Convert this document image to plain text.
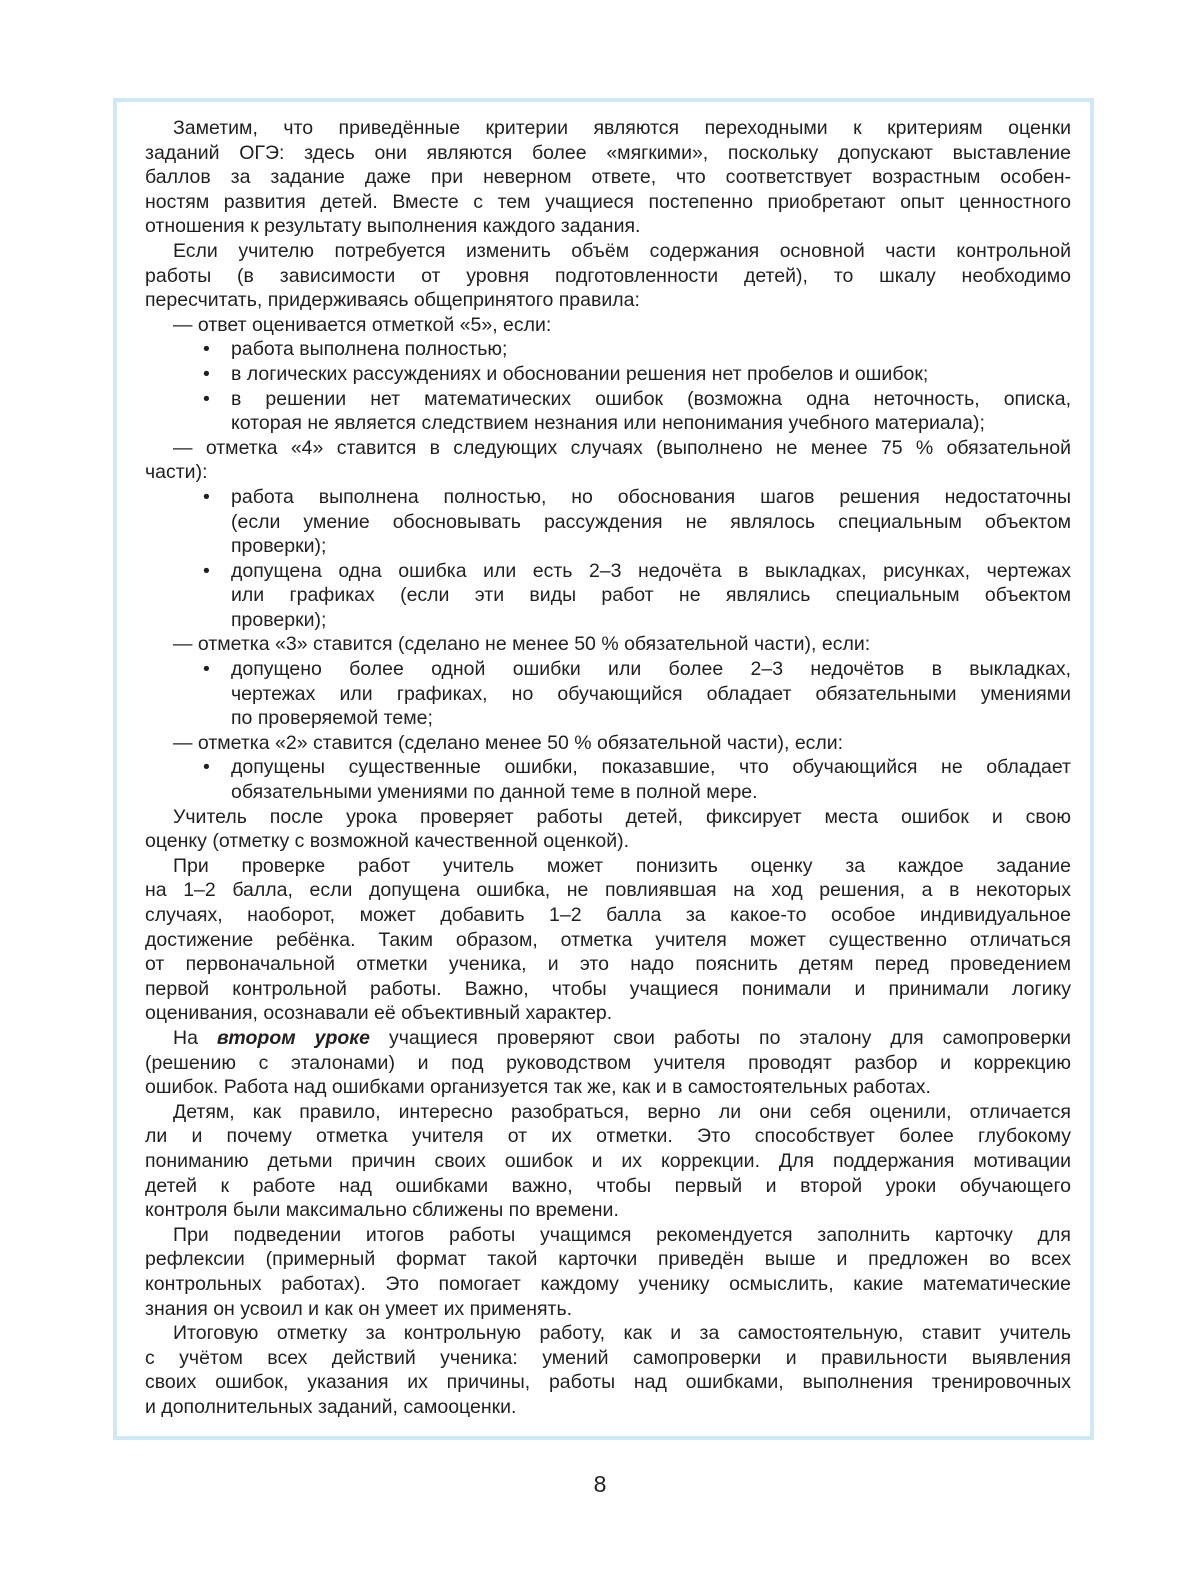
Заметим, что приведённые критерии являются переходными к критериям оценки

заданий ОГЭ: здесь они являются более «мягкими», поскольку допускают выставление

баллов за задание даже при неверном ответе, что соответствует возрастным особен-

ностям развития детей. Вместе с тем учащиеся постепенно приобретают опыт ценностного

отношения к результату выполнения каждого задания.

Если учителю потребуется изменить объём содержания основной части контрольной

работы (в зависимости от уровня подготовленности детей), то шкалу необходимо

пересчитать, придерживаясь общепринятого правила:

— ответ оценивается отметкой «5», если:

• работа выполнена полностью;

• в логических рассуждениях и обосновании решения нет пробелов и ошибок;

• в решении нет математических ошибок (возможна одна неточность, описка,

которая не является следствием незнания или непонимания учебного материала);

— отметка «4» ставится в следующих случаях (выполнено не менее 75 % обязательной

части):

• работа выполнена полностью, но обоснования шагов решения недостаточны

(если умение обосновывать рассуждения не являлось специальным объектом

проверки);

• допущена одна ошибка или есть 2–3 недочёта в выкладках, рисунках, чертежах

или графиках (если эти виды работ не являлись специальным объектом

проверки);

— отметка «3» ставится (сделано не менее 50 % обязательной части), если:

• допущено более одной ошибки или более 2–3 недочётов в выкладках,

чертежах или графиках, но обучающийся обладает обязательными умениями

по проверяемой теме;

— отметка «2» ставится (сделано менее 50 % обязательной части), если:

• допущены существенные ошибки, показавшие, что обучающийся не обладает

обязательными умениями по данной теме в полной мере.

Учитель после урока проверяет работы детей, фиксирует места ошибок и свою

оценку (отметку с возможной качественной оценкой).

При проверке работ учитель может понизить оценку за каждое задание

на 1–2 балла, если допущена ошибка, не повлиявшая на ход решения, а в некоторых

случаях, наоборот, может добавить 1–2 балла за какое-то особое индивидуальное

достижение ребёнка. Таким образом, отметка учителя может существенно отличаться

от первоначальной отметки ученика, и это надо пояснить детям перед проведением

первой контрольной работы. Важно, чтобы учащиеся понимали и принимали логику

оценивания, осознавали её объективный характер.

На втором уроке учащиеся проверяют свои работы по эталону для самопроверки

(решению с эталонами) и под руководством учителя проводят разбор и коррекцию

ошибок. Работа над ошибками организуется так же, как и в самостоятельных работах.

Детям, как правило, интересно разобраться, верно ли они себя оценили, отличается

ли и почему отметка учителя от их отметки. Это способствует более глубокому

пониманию детьми причин своих ошибок и их коррекции. Для поддержания мотивации

детей к работе над ошибками важно, чтобы первый и второй уроки обучающего

контроля были максимально сближены по времени.

При подведении итогов работы учащимся рекомендуется заполнить карточку для

рефлексии (примерный формат такой карточки приведён выше и предложен во всех

контрольных работах). Это помогает каждому ученику осмыслить, какие математические

знания он усвоил и как он умеет их применять.

Итоговую отметку за контрольную работу, как и за самостоятельную, ставит учитель

с учётом всех действий ученика: умений самопроверки и правильности выявления

своих ошибок, указания их причины, работы над ошибками, выполнения тренировочных

и дополнительных заданий, самооценки.

8
